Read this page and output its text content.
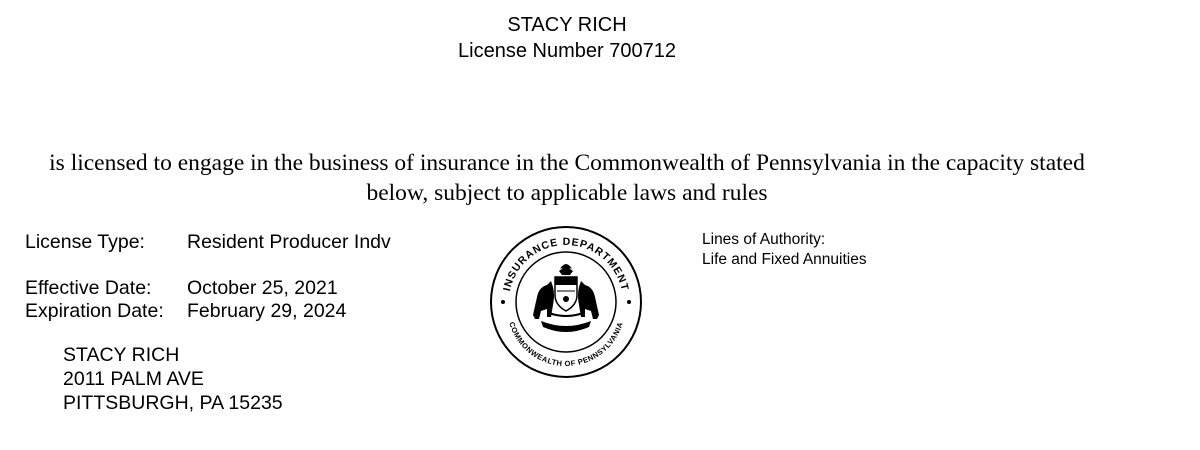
STACY RICH
License Number 700712
is licensed to engage in the business of insurance in the Commonwealth of Pennsylvania in the capacity stated below, subject to applicable laws and rules
License Type: Resident Producer Indv
Effective Date: October 25, 2021
Expiration Date: February 29, 2024
STACY RICH
2011 PALM AVE
PITTSBURGH, PA 15235
Lines of Authority:
Life and Fixed Annuities
INSURANCE DEPARTMENT
COMMONWEALTH OF PENNSYLVANIA
